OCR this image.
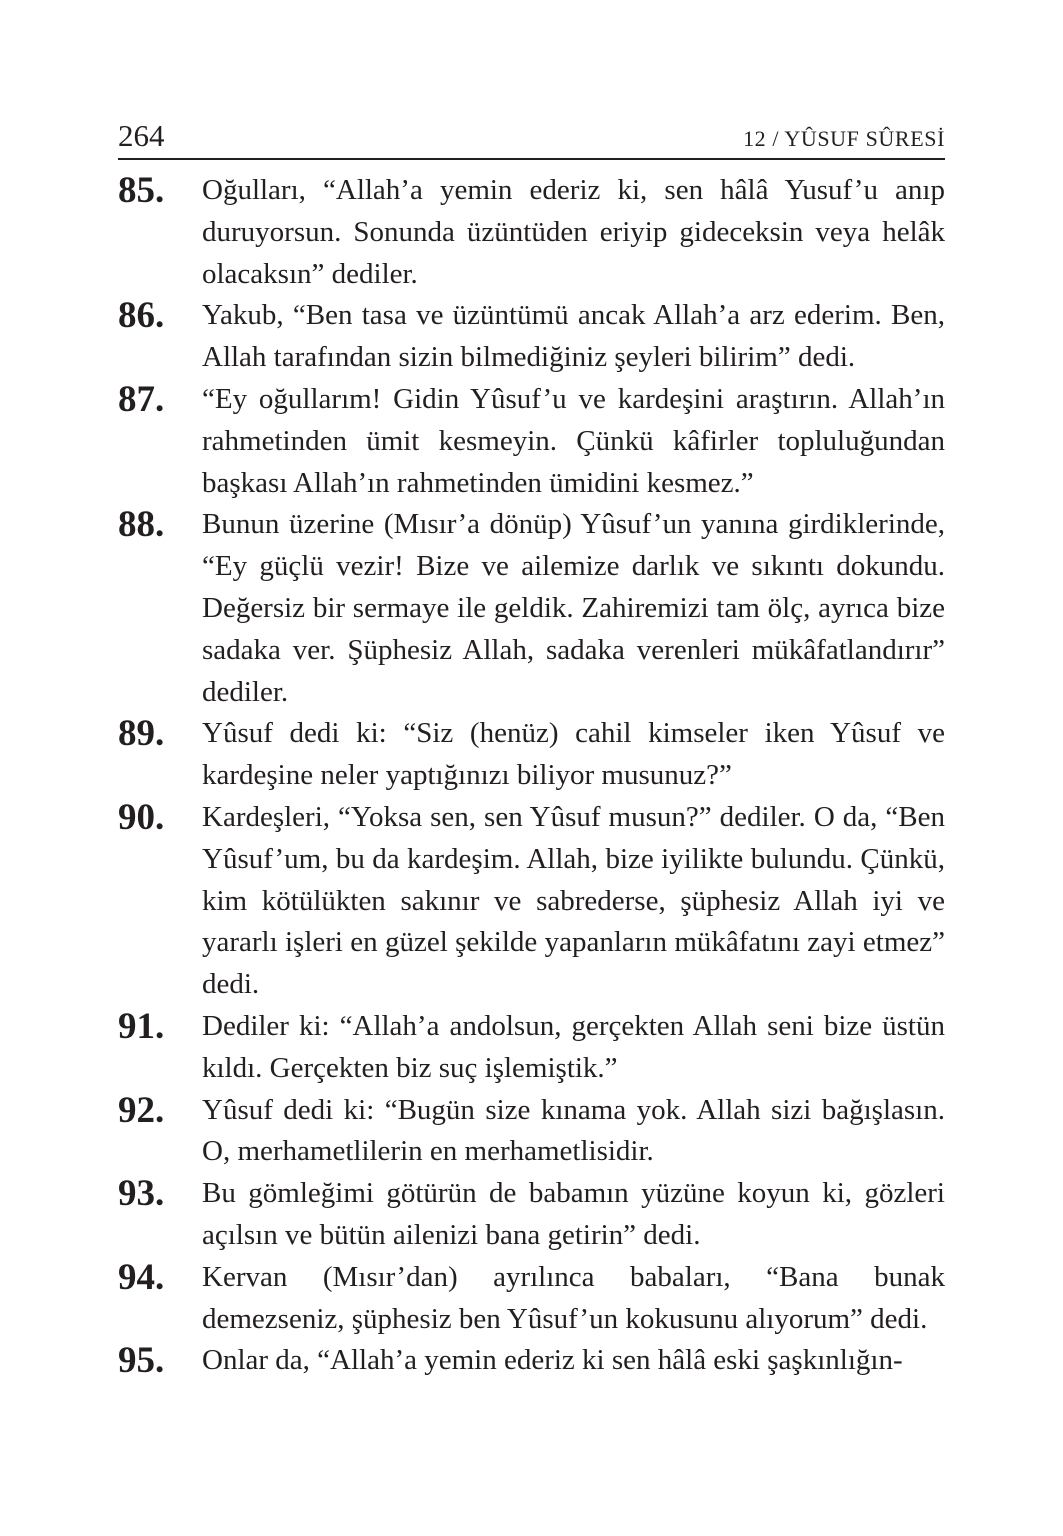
264	12 / YÛSUF SÛRESİ
85.	Oğulları, “Allah’a yemin ederiz ki, sen hâlâ Yusuf’u anıp duruyorsun. Sonunda üzüntüden eriyip gideceksin veya helâk olacaksın” dediler.
86.	Yakub, “Ben tasa ve üzüntümü ancak Allah’a arz ederim. Ben, Allah tarafından sizin bilmediğiniz şeyleri bilirim” dedi.
87.	“Ey oğullarım! Gidin Yûsuf’u ve kardeşini araştırın. Allah’ın rahmetinden ümit kesmeyin. Çünkü kâfirler topluluğundan başkası Allah’ın rahmetinden ümidini kesmez.”
88.	Bunun üzerine (Mısır’a dönüp) Yûsuf’un yanına girdiklerinde, “Ey güçlü vezir! Bize ve ailemize darlık ve sıkıntı dokundu. Değersiz bir sermaye ile geldik. Zahiremizi tam ölç, ayrıca bize sadaka ver. Şüphesiz Allah, sadaka verenleri mükâfatlandırır” dediler.
89.	Yûsuf dedi ki: “Siz (henüz) cahil kimseler iken Yûsuf ve kardeşine neler yaptığınızı biliyor musunuz?”
90.	Kardeşleri, “Yoksa sen, sen Yûsuf musun?” dediler. O da, “Ben Yûsuf’um, bu da kardeşim. Allah, bize iyilikte bulundu. Çünkü, kim kötülükten sakınır ve sabrederse, şüphesiz Allah iyi ve yararlı işleri en güzel şekilde yapanların mükâfatını zayi etmez” dedi.
91.	Dediler ki: “Allah’a andolsun, gerçekten Allah seni bize üstün kıldı. Gerçekten biz suç işlemiştik.”
92.	Yûsuf dedi ki: “Bugün size kınama yok. Allah sizi bağışlasın. O, merhametlilerin en merhametlisidir.
93.	Bu gömleğimi götürün de babamın yüzüne koyun ki, gözleri açılsın ve bütün ailenizi bana getirin” dedi.
94.	Kervan (Mısır’dan) ayrılınca babaları, “Bana bunak demezseniz, şüphesiz ben Yûsuf’un kokusunu alıyorum” dedi.
95.	Onlar da, “Allah’a yemin ederiz ki sen hâlâ eski şaşkınlığın-
